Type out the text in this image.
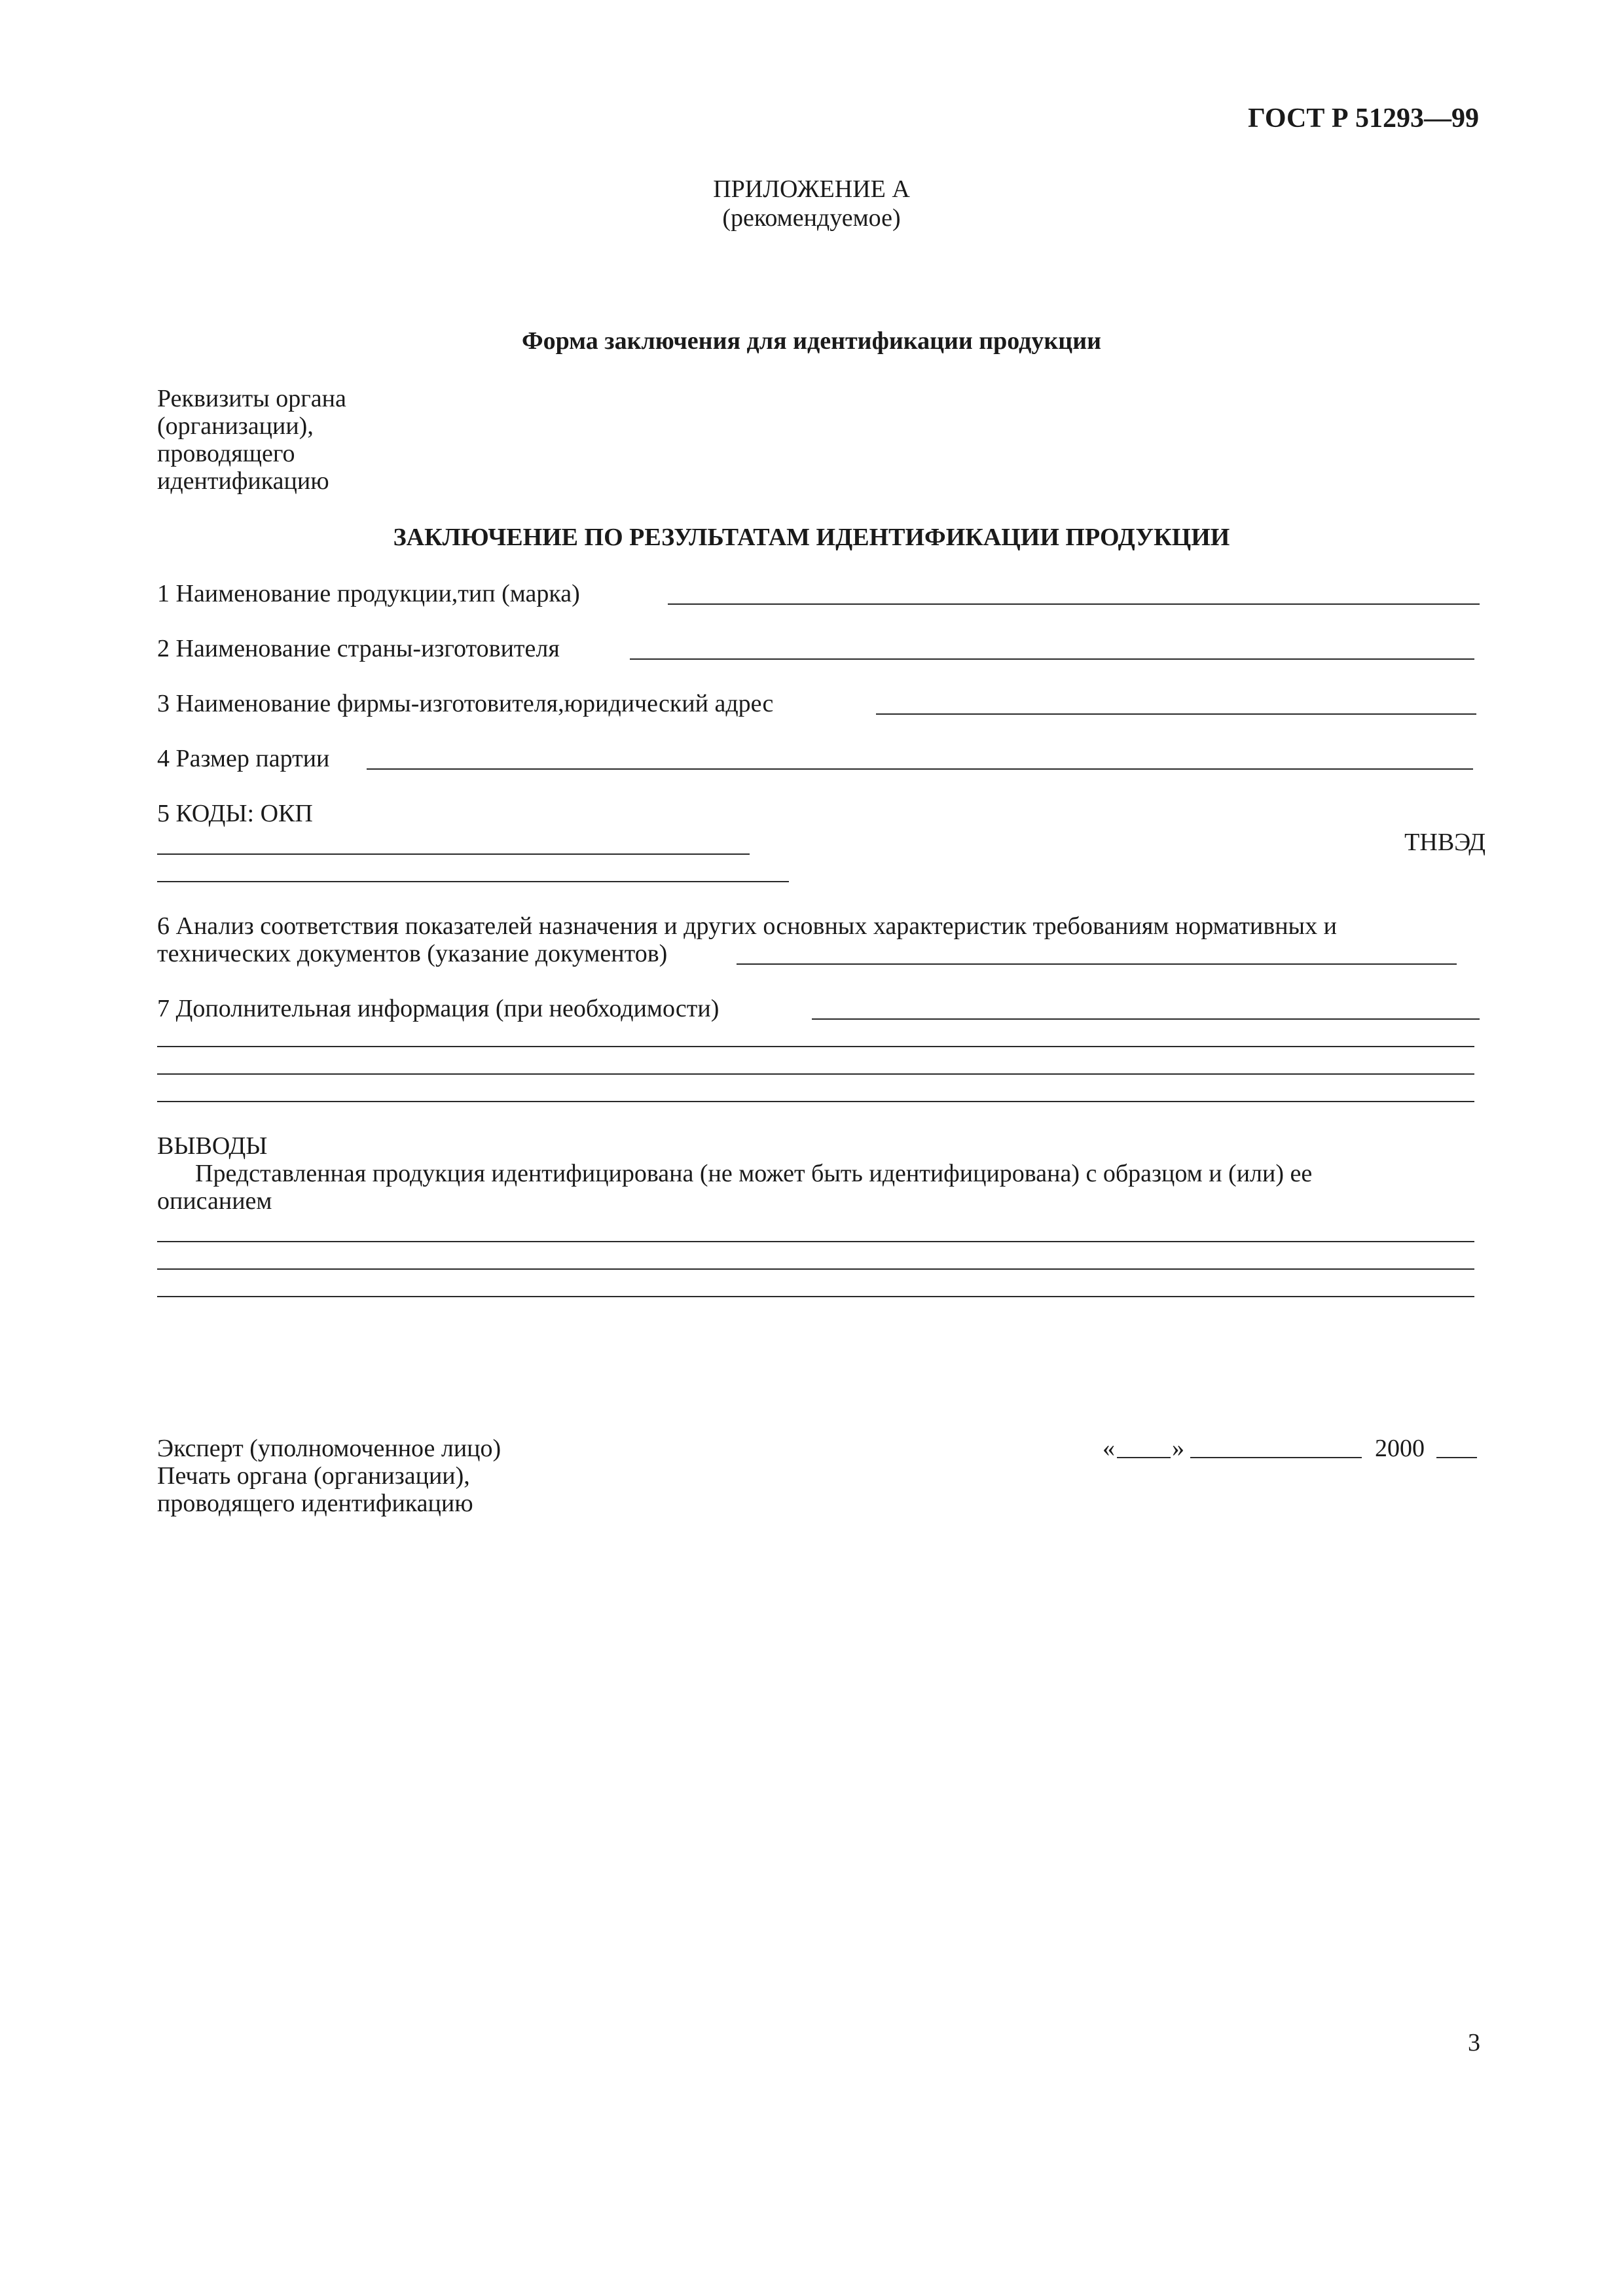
ГОСТ Р 51293—99
ПРИЛОЖЕНИЕ А
(рекомендуемое)
Форма заключения для идентификации продукции
Реквизиты органа
(организации),
проводящего
идентификацию
ЗАКЛЮЧЕНИЕ ПО РЕЗУЛЬТАТАМ ИДЕНТИФИКАЦИИ ПРОДУКЦИИ
1 Наименование продукции,тип (марка)
2 Наименование страны-изготовителя
3 Наименование фирмы-изготовителя,юридический адрес
4 Размер партии
5 КОДЫ: ОКП
ТНВЭД
6 Анализ соответствия показателей назначения и других основных характеристик требованиям нормативных и
технических документов (указание документов)
7 Дополнительная информация (при необходимости)
ВЫВОДЫ
Представленная продукция идентифицирована (не может быть идентифицирована) с образцом и (или) ее
описанием
Эксперт (уполномоченное лицо)
Печать органа (организации),
проводящего идентификацию
« »	2000
3
